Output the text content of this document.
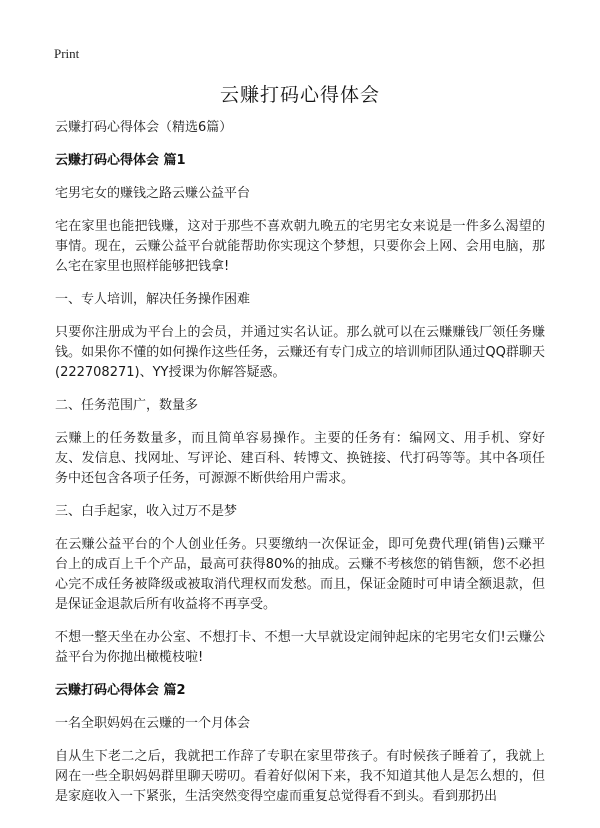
Print
云赚打码心得体会

云赚打码心得体会（精选6篇）

云赚打码心得体会 篇1

宅男宅女的赚钱之路云赚公益平台

宅在家里也能把钱赚，这对于那些不喜欢朝九晚五的宅男宅女来说是一件多么渴望的事情。现在，云赚公益平台就能帮助你实现这个梦想，只要你会上网、会用电脑，那么宅在家里也照样能够把钱拿!

一、专人培训，解决任务操作困难

只要你注册成为平台上的会员，并通过实名认证。那么就可以在云赚赚钱厂领任务赚钱。如果你不懂的如何操作这些任务，云赚还有专门成立的培训师团队通过QQ群聊天(222708271)、YY授课为你解答疑惑。

二、任务范围广，数量多

云赚上的任务数量多，而且简单容易操作。主要的任务有：编网文、用手机、穿好友、发信息、找网址、写评论、建百科、转博文、换链接、代打码等等。其中各项任务中还包含各项子任务，可源源不断供给用户需求。

三、白手起家，收入过万不是梦

在云赚公益平台的个人创业任务。只要缴纳一次保证金，即可免费代理(销售)云赚平台上的成百上千个产品，最高可获得80%的抽成。云赚不考核您的销售额，您不必担心完不成任务被降级或被取消代理权而发愁。而且，保证金随时可申请全额退款，但是保证金退款后所有收益将不再享受。

不想一整天坐在办公室、不想打卡、不想一大早就设定闹钟起床的宅男宅女们!云赚公益平台为你抛出橄榄枝啦!

云赚打码心得体会 篇2

一名全职妈妈在云赚的一个月体会

自从生下老二之后，我就把工作辞了专职在家里带孩子。有时候孩子睡着了，我就上网在一些全职妈妈群里聊天唠叨。看着好似闲下来，我不知道其他人是怎么想的，但是家庭收入一下紧张，生活突然变得空虚而重复总觉得看不到头。看到那扔出
